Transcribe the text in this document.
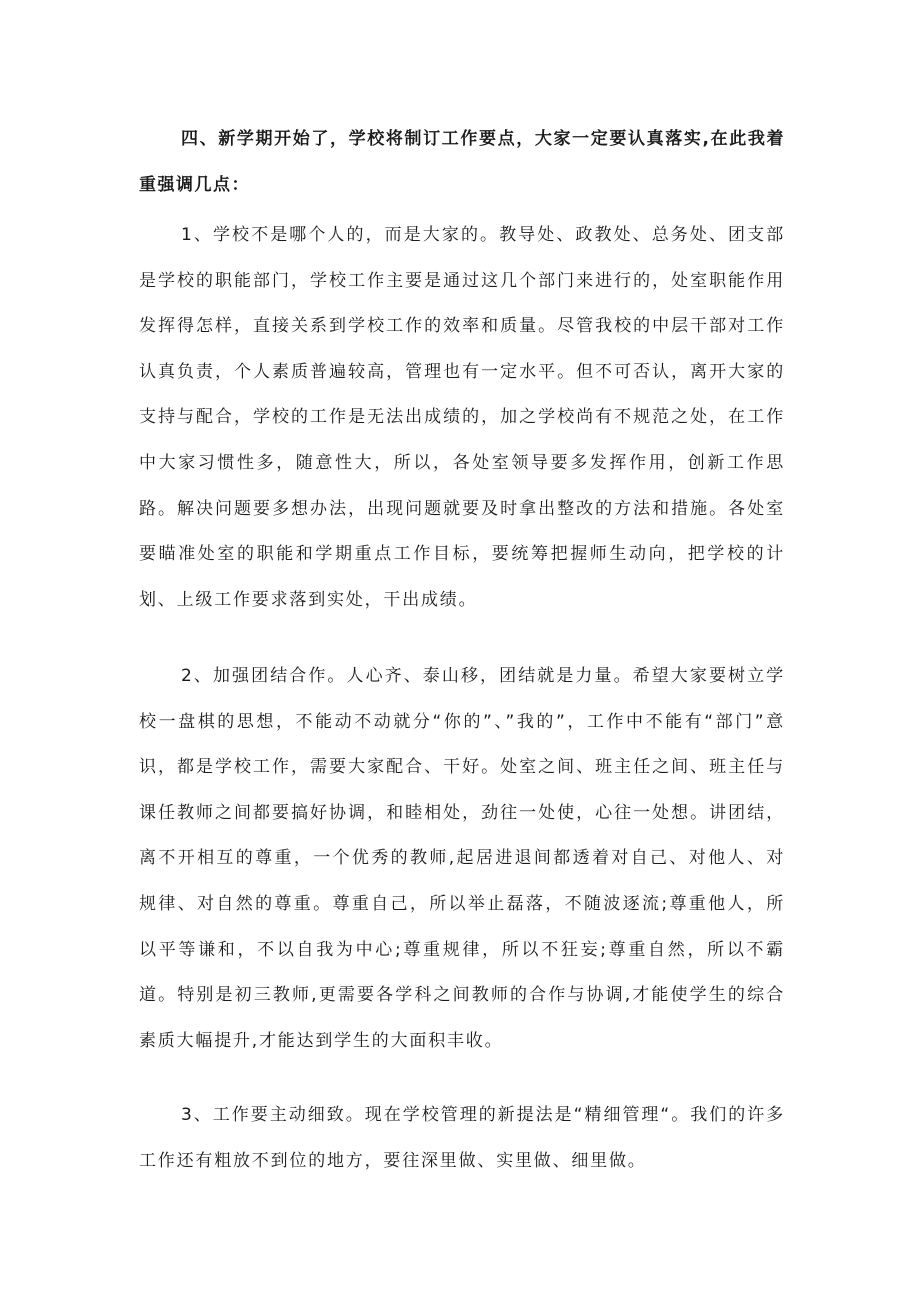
四、新学期开始了，学校将制订工作要点，大家一定要认真落实,在此我着重强调几点：

1、学校不是哪个人的，而是大家的。教导处、政教处、总务处、团支部是学校的职能部门，学校工作主要是通过这几个部门来进行的，处室职能作用发挥得怎样，直接关系到学校工作的效率和质量。尽管我校的中层干部对工作认真负责，个人素质普遍较高，管理也有一定水平。但不可否认，离开大家的支持与配合，学校的工作是无法出成绩的，加之学校尚有不规范之处，在工作中大家习惯性多，随意性大，所以，各处室领导要多发挥作用，创新工作思路。解决问题要多想办法，出现问题就要及时拿出整改的方法和措施。各处室要瞄准处室的职能和学期重点工作目标，要统筹把握师生动向，把学校的计划、上级工作要求落到实处，干出成绩。

2、加强团结合作。人心齐、泰山移，团结就是力量。希望大家要树立学校一盘棋的思想，不能动不动就分“你的”、”我的”，工作中不能有“部门”意识，都是学校工作，需要大家配合、干好。处室之间、班主任之间、班主任与课任教师之间都要搞好协调，和睦相处，劲往一处使，心往一处想。讲团结，离不开相互的尊重，一个优秀的教师,起居进退间都透着对自己、对他人、对规律、对自然的尊重。尊重自己，所以举止磊落，不随波逐流;尊重他人，所以平等谦和，不以自我为中心;尊重规律，所以不狂妄;尊重自然，所以不霸道。特别是初三教师,更需要各学科之间教师的合作与协调,才能使学生的综合素质大幅提升,才能达到学生的大面积丰收。

3、工作要主动细致。现在学校管理的新提法是“精细管理“。我们的许多工作还有粗放不到位的地方，要往深里做、实里做、细里做。
